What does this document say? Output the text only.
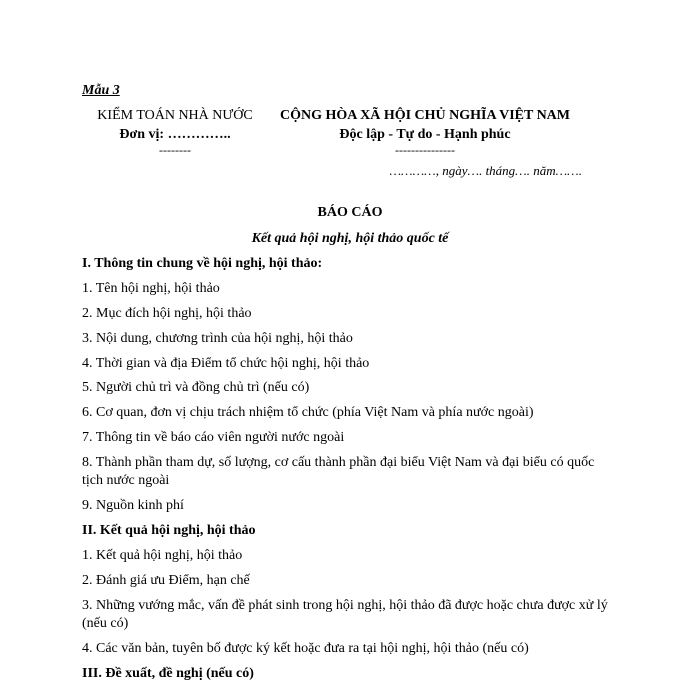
Mẫu 3
KIỂM TOÁN NHÀ NƯỚC
Đơn vị: …………..
--------
CỘNG HÒA XÃ HỘI CHỦ NGHĨA VIỆT NAM
Độc lập - Tự do - Hạnh phúc
---------------
…………, ngày…. tháng…. năm…….
BÁO CÁO
Kết quả hội nghị, hội thảo quốc tế
I. Thông tin chung về hội nghị, hội thảo:
1. Tên hội nghị, hội thảo
2. Mục đích hội nghị, hội thảo
3. Nội dung, chương trình của hội nghị, hội thảo
4. Thời gian và địa Điểm tổ chức hội nghị, hội thảo
5. Người chủ trì và đồng chủ trì (nếu có)
6. Cơ quan, đơn vị chịu trách nhiệm tổ chức (phía Việt Nam và phía nước ngoài)
7. Thông tin về báo cáo viên người nước ngoài
8. Thành phần tham dự, số lượng, cơ cấu thành phần đại biểu Việt Nam và đại biểu có quốc tịch nước ngoài
9. Nguồn kinh phí
II. Kết quả hội nghị, hội thảo
1. Kết quả hội nghị, hội thảo
2. Đánh giá ưu Điểm, hạn chế
3. Những vướng mắc, vấn đề phát sinh trong hội nghị, hội thảo đã được hoặc chưa được xử lý (nếu có)
4. Các văn bản, tuyên bố được ký kết hoặc đưa ra tại hội nghị, hội thảo (nếu có)
III. Đề xuất, đề nghị (nếu có)
